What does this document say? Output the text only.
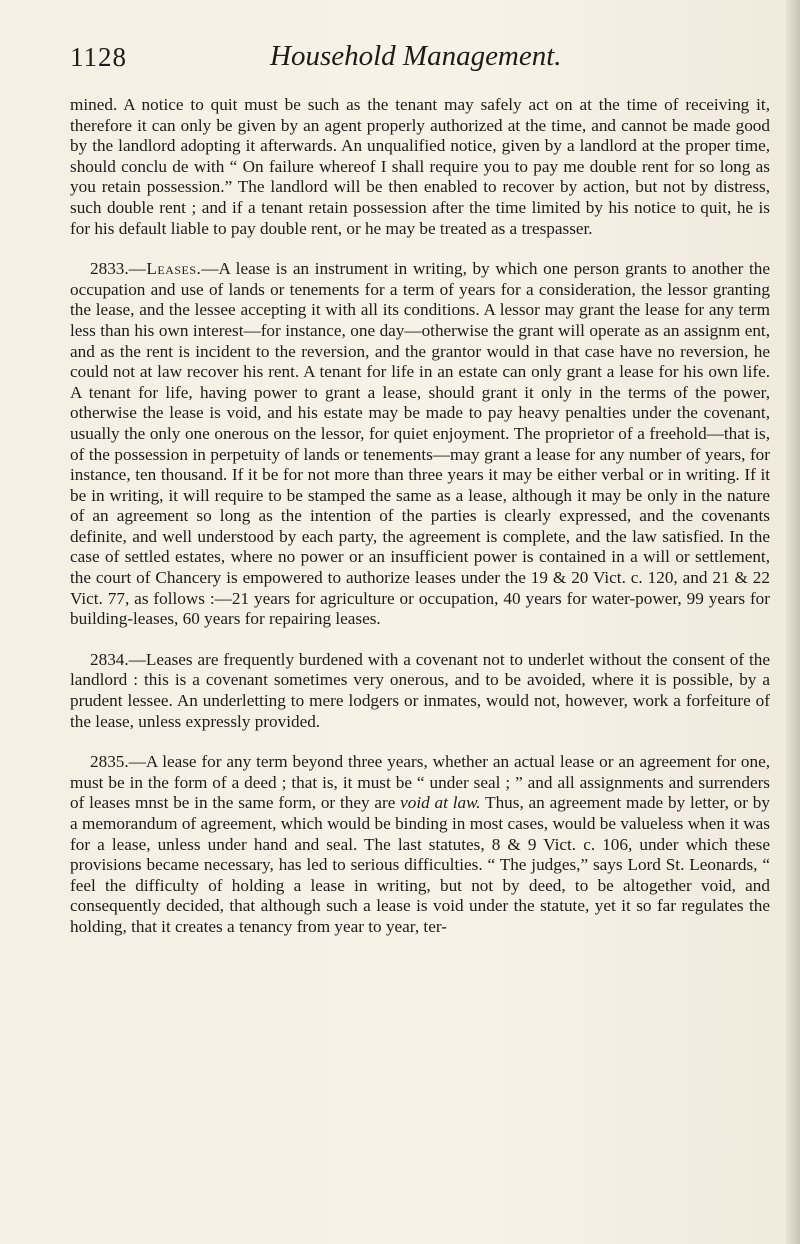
1128	Household Management.

mined. A notice to quit must be such as the tenant may safely act on at the time of receiving it, therefore it can only be given by an agent properly authorized at the time, and cannot be made good by the landlord adopting it afterwards. An unqualified notice, given by a landlord at the proper time, should conclu de with “ On failure whereof I shall require you to pay me double rent for so long as you retain possession.” The landlord will be then enabled to recover by action, but not by distress, such double rent ; and if a tenant retain possession after the time limited by his notice to quit, he is for his default liable to pay double rent, or he may be treated as a trespasser.

2833.—Leases.—A lease is an instrument in writing, by which one person grants to another the occupation and use of lands or tenements for a term of years for a consideration, the lessor granting the lease, and the lessee accepting it with all its conditions. A lessor may grant the lease for any term less than his own interest—for instance, one day—otherwise the grant will operate as an assignm ent, and as the rent is incident to the reversion, and the grantor would in that case have no reversion, he could not at law recover his rent. A tenant for life in an estate can only grant a lease for his own life. A tenant for life, having power to grant a lease, should grant it only in the terms of the power, otherwise the lease is void, and his estate may be made to pay heavy penalties under the covenant, usually the only one onerous on the lessor, for quiet enjoyment. The proprietor of a freehold—that is, of the possession in perpetuity of lands or tenements—may grant a lease for any number of years, for instance, ten thousand. If it be for not more than three years it may be either verbal or in writing. If it be in writing, it will require to be stamped the same as a lease, although it may be only in the nature of an agreement so long as the intention of the parties is clearly expressed, and the covenants definite, and well understood by each party, the agreement is complete, and the law satisfied. In the case of settled estates, where no power or an insufficient power is contained in a will or settlement, the court of Chancery is empowered to authorize leases under the 19 & 20 Vict. c. 120, and 21 & 22 Vict. 77, as follows :—21 years for agriculture or occupation, 40 years for water-power, 99 years for building-leases, 60 years for repairing leases.

2834.—Leases are frequently burdened with a covenant not to underlet without the consent of the landlord : this is a covenant sometimes very onerous, and to be avoided, where it is possible, by a prudent lessee. An underletting to mere lodgers or inmates, would not, however, work a forfeiture of the lease, unless expressly provided.

2835.—A lease for any term beyond three years, whether an actual lease or an agreement for one, must be in the form of a deed ; that is, it must be “ under seal ; ” and all assignments and surrenders of leases mnst be in the same form, or they are void at law. Thus, an agreement made by letter, or by a memorandum of agreement, which would be binding in most cases, would be valueless when it was for a lease, unless under hand and seal. The last statutes, 8 & 9 Vict. c. 106, under which these provisions became necessary, has led to serious difficulties. “ The judges,” says Lord St. Leonards, “ feel the difficulty of holding a lease in writing, but not by deed, to be altogether void, and consequently decided, that although such a lease is void under the statute, yet it so far regulates the holding, that it creates a tenancy from year to year, ter-
